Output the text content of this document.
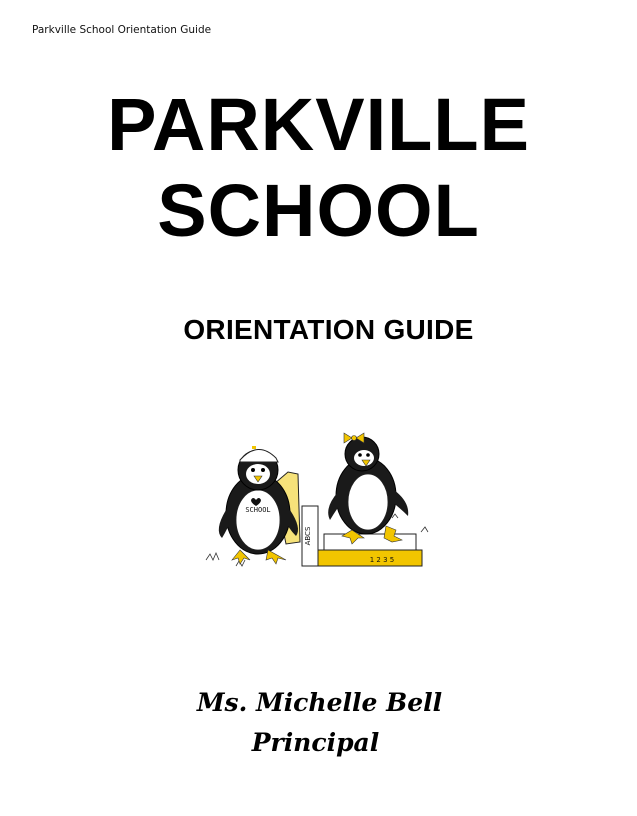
Parkville School Orientation Guide
PARKVILLE
SCHOOL
ORIENTATION GUIDE
SCHOOL
ABCS
1 2 3 5
Ms. Michelle Bell
Principal
